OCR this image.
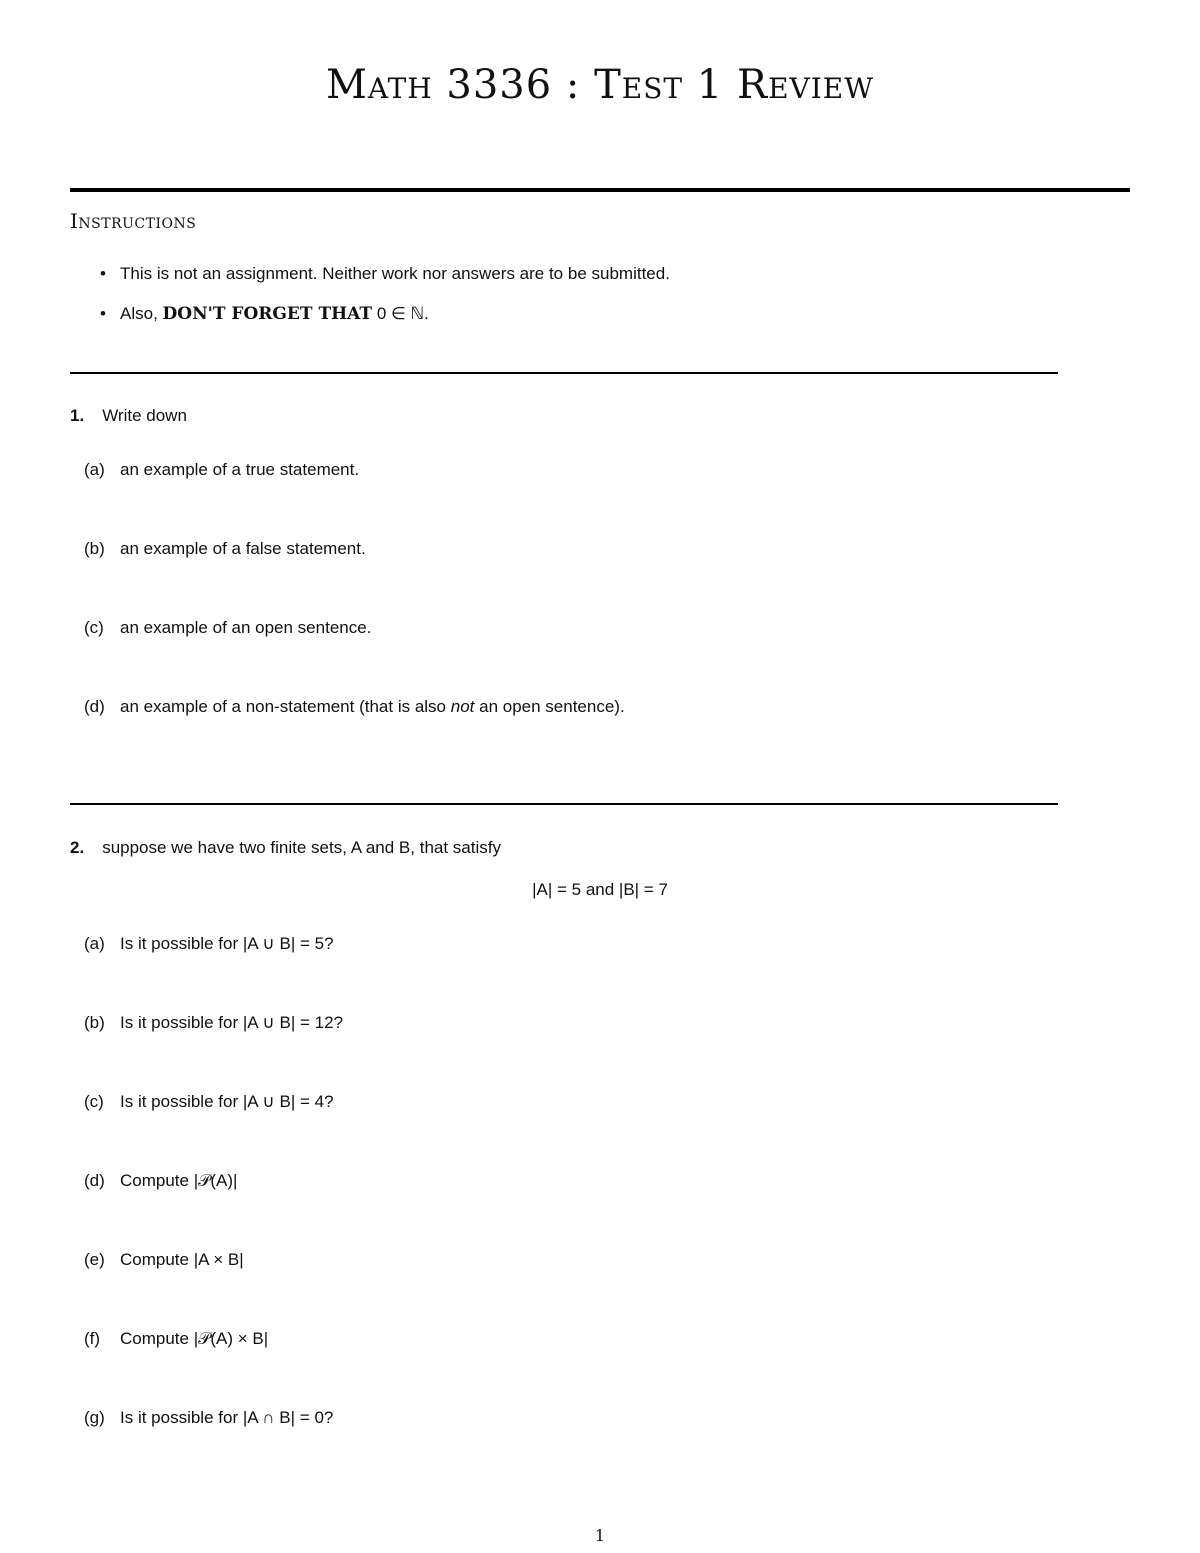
Math 3336 : Test 1 Review
Instructions
• This is not an assignment. Neither work nor answers are to be submitted.
• Also, DON'T FORGET THAT 0 ∈ ℕ.
1. Write down
(a) an example of a true statement.
(b) an example of a false statement.
(c) an example of an open sentence.
(d) an example of a non-statement (that is also not an open sentence).
2. suppose we have two finite sets, A and B, that satisfy
|A| = 5 and |B| = 7
(a) Is it possible for |A ∪ B| = 5?
(b) Is it possible for |A ∪ B| = 12?
(c) Is it possible for |A ∪ B| = 4?
(d) Compute |𝒫(A)|
(e) Compute |A × B|
(f) Compute |𝒫(A) × B|
(g) Is it possible for |A ∩ B| = 0?
1
